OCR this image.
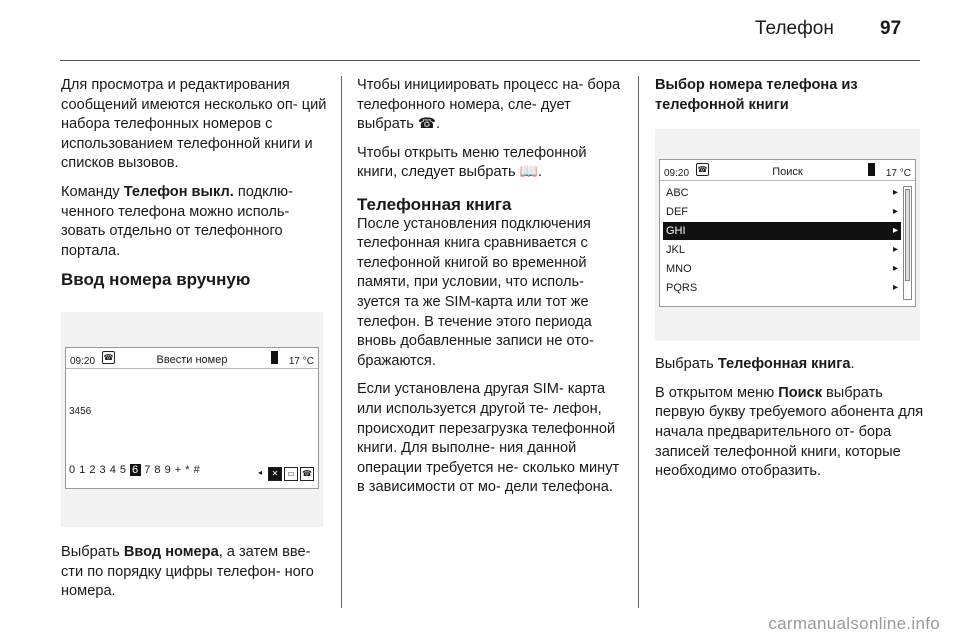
Телефон 97

Для просмотра и редактирования сообщений имеются несколько оп- ций набора телефонных номеров с использованием телефонной книги и списков вызовов.

Команду Телефон выкл. подклю- ченного телефона можно исполь- зовать отдельно от телефонного портала.

Ввод номера вручную
09:20 ☎	Ввести номер	17 °C
3456
0 1 2 3 4 5 6 7 8 9 + * #	◂	✕	▭ ☎

Выбрать Ввод номера, а затем вве- сти по порядку цифры телефон- ного номера.

Чтобы инициировать процесс на- бора телефонного номера, сле- дует выбрать ☎.

Чтобы открыть меню телефонной книги, следует выбрать 📖.

Телефонная книга

После установления подключения телефонная книга сравнивается с телефонной книгой во временной памяти, при условии, что исполь- зуется та же SIM-карта или тот же телефон. В течение этого периода вновь добавленные записи не ото- бражаются.

Если установлена другая SIM- карта или используется другой те- лефон, происходит перезагрузка телефонной книги. Для выполне- ния данной операции требуется не- сколько минут в зависимости от мо- дели телефона.

Выбор номера телефона из телефонной книги
09:20 ☎	Поиск	17 °C
ABC	▸
DEF	▸
GHI	▸
JKL	▸
MNO	▸
PQRS	▸

Выбрать Телефонная книга.

В открытом меню Поиск выбрать первую букву требуемого абонента для начала предварительного от- бора записей телефонной книги, которые необходимо отобразить.

carmanualsonline.info
